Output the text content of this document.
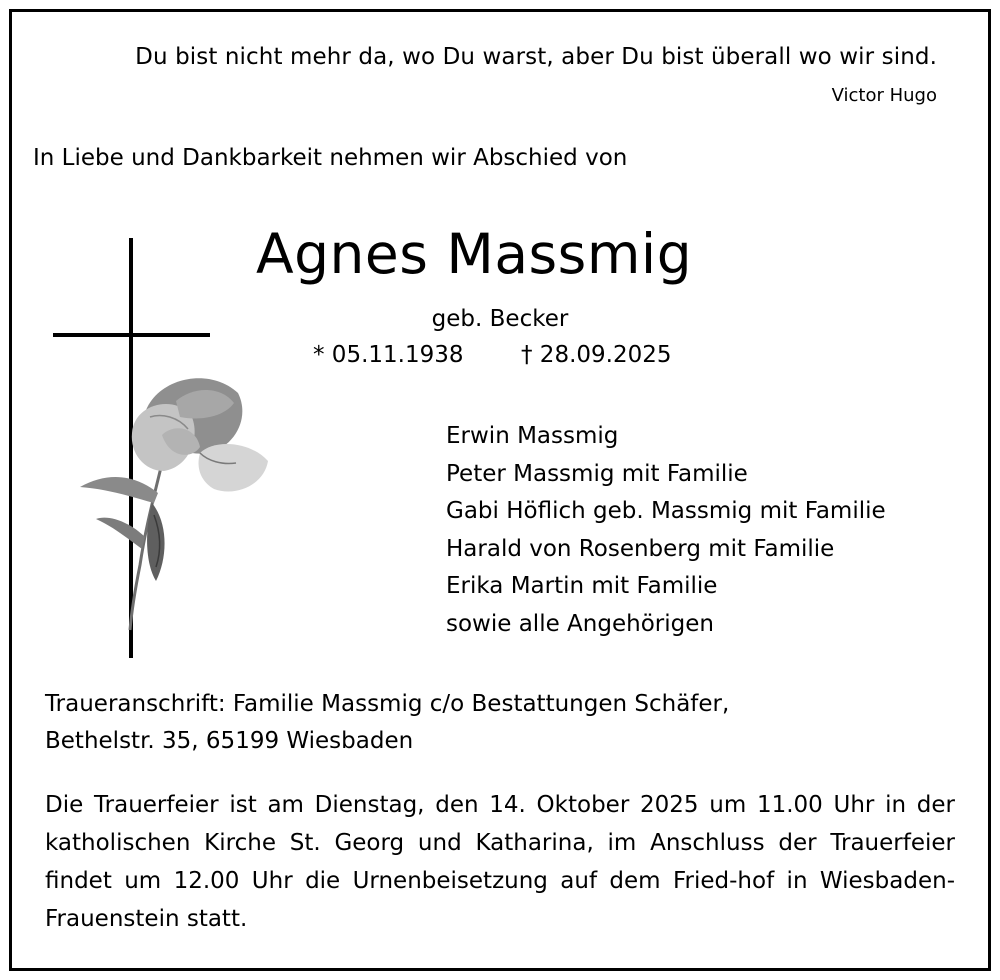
Du bist nicht mehr da, wo Du warst, aber Du bist überall wo wir sind.
Victor Hugo
In Liebe und Dankbarkeit nehmen wir Abschied von
Agnes Massmig
geb. Becker
* 05.11.1938	† 28.09.2025
Erwin Massmig
Peter Massmig mit Familie
Gabi Höflich geb. Massmig mit Familie
Harald von Rosenberg mit Familie
Erika Martin mit Familie
sowie alle Angehörigen
Traueranschrift: Familie Massmig c/o Bestattungen Schäfer,
Bethelstr. 35, 65199 Wiesbaden
Die Trauerfeier ist am Dienstag, den 14. Oktober 2025 um 11.00 Uhr in der katholischen Kirche St. Georg und Katharina, im Anschluss der Trauerfeier findet um 12.00 Uhr die Urnenbeisetzung auf dem Fried-hof in Wiesbaden-Frauenstein statt.
